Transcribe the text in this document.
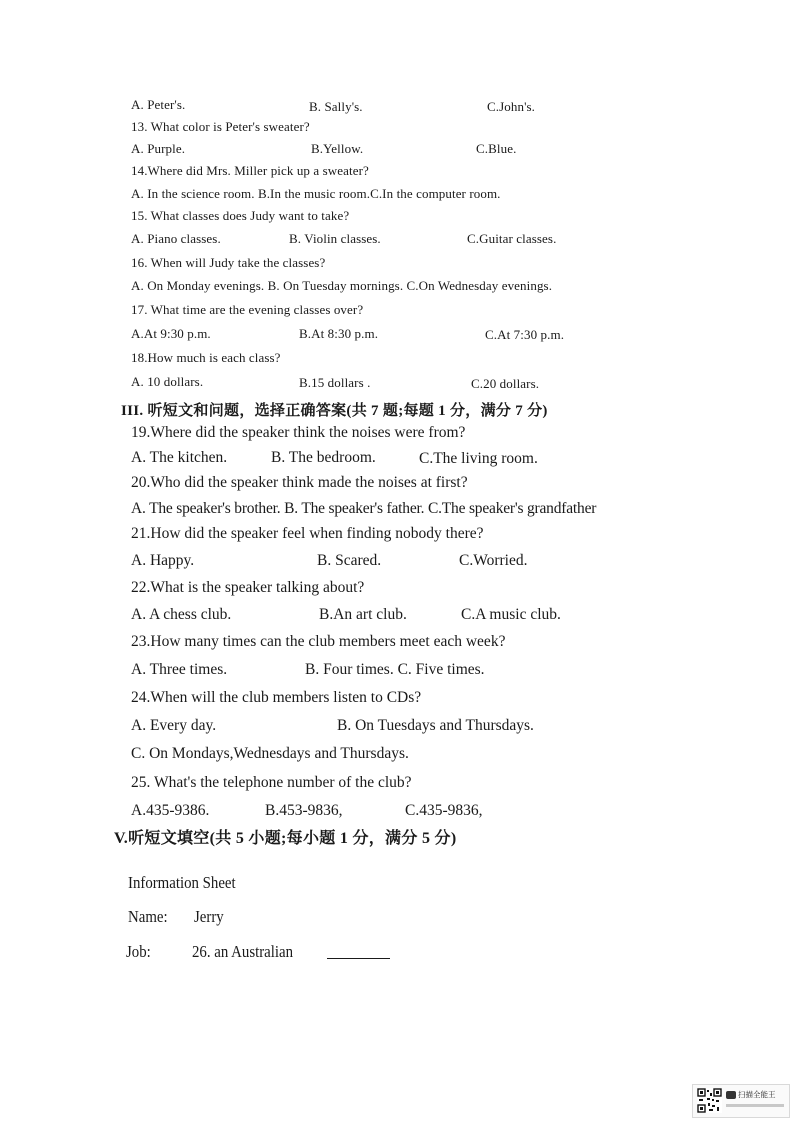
A. Peter's.	B. Sally's.	C.John's.
13. What color is Peter's sweater?
A. Purple.	B.Yellow.	C.Blue.
14.Where did Mrs. Miller pick up a sweater?
A. In the science room. B.In the music room.C.In the computer room.
15. What classes does Judy want to take?
A. Piano classes.	B. Violin classes.	C.Guitar classes.
16. When will Judy take the classes?
A. On Monday evenings. B. On Tuesday mornings. C.On Wednesday evenings.
17. What time are the evening classes over?
A.At 9:30 p.m.	B.At 8:30 p.m.	C.At 7:30 p.m.
18.How much is each class?
A. 10 dollars.	B.15 dollars .	C.20 dollars.
III. 听短文和问题，选择正确答案(共 7 题;每题 1 分，满分 7 分)
19.Where did the speaker think the noises were from?
A. The kitchen.	B. The bedroom.	C.The living room.
20.Who did the speaker think made the noises at first?
A. The speaker's brother. B. The speaker's father. C.The speaker's grandfather
21.How did the speaker feel when finding nobody there?
A. Happy.	B. Scared.	C.Worried.
22.What is the speaker talking about?
A. A chess club.	B.An art club.	C.A music club.
23.How many times can the club members meet each week?
A. Three times.	B. Four times. C. Five times.
24.When will the club members listen to CDs?
A. Every day.	B. On Tuesdays and Thursdays.
C. On Mondays,Wednesdays and Thursdays.
25. What's the telephone number of the club?
A.435-9386.	B.453-9836,	C.435-9836,
V.听短文填空(共 5 小题;每小题 1 分，满分 5 分)
Information Sheet
Name: Jerry
Job: 26. an Australian
扫描全能王
